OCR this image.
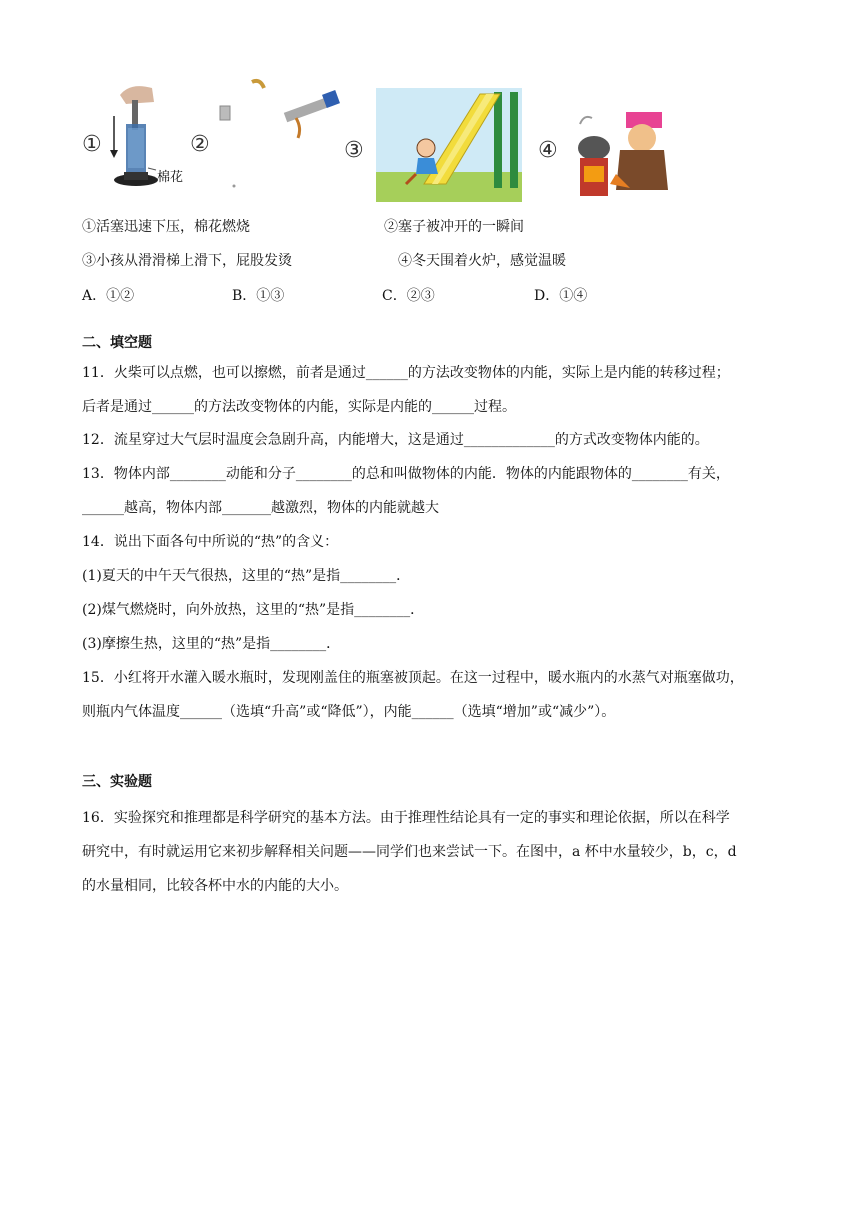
①
棉花
②	③	④
①活塞迅速下压，棉花燃烧	②塞子被冲开的一瞬间
③小孩从滑滑梯上滑下，屁股发烫	④冬天围着火炉，感觉温暖
A．①②	B．①③	C．②③	D．①④
二、填空题
11．火柴可以点燃，也可以擦燃，前者是通过______的方法改变物体的内能，实际上是内能的转移过程；
后者是通过______的方法改变物体的内能，实际是内能的______过程。
12．流星穿过大气层时温度会急剧升高，内能增大，这是通过_____________的方式改变物体内能的。
13．物体内部________动能和分子________的总和叫做物体的内能．物体的内能跟物体的________有关，
______越高，物体内部_______越激烈，物体的内能就越大
14．说出下面各句中所说的“热”的含义：
(1)夏天的中午天气很热，这里的“热”是指________．
(2)煤气燃烧时，向外放热，这里的“热”是指________．
(3)摩擦生热，这里的“热”是指________．
15．小红将开水灌入暖水瓶时，发现刚盖住的瓶塞被顶起。在这一过程中，暖水瓶内的水蒸气对瓶塞做功，
则瓶内气体温度______（选填“升高”或“降低”），内能______（选填“增加”或“减少”）。
三、实验题
16．实验探究和推理都是科学研究的基本方法。由于推理性结论具有一定的事实和理论依据，所以在科学
研究中，有时就运用它来初步解释相关问题——同学们也来尝试一下。在图中，a 杯中水量较少，b，c，d
的水量相同，比较各杯中水的内能的大小。
